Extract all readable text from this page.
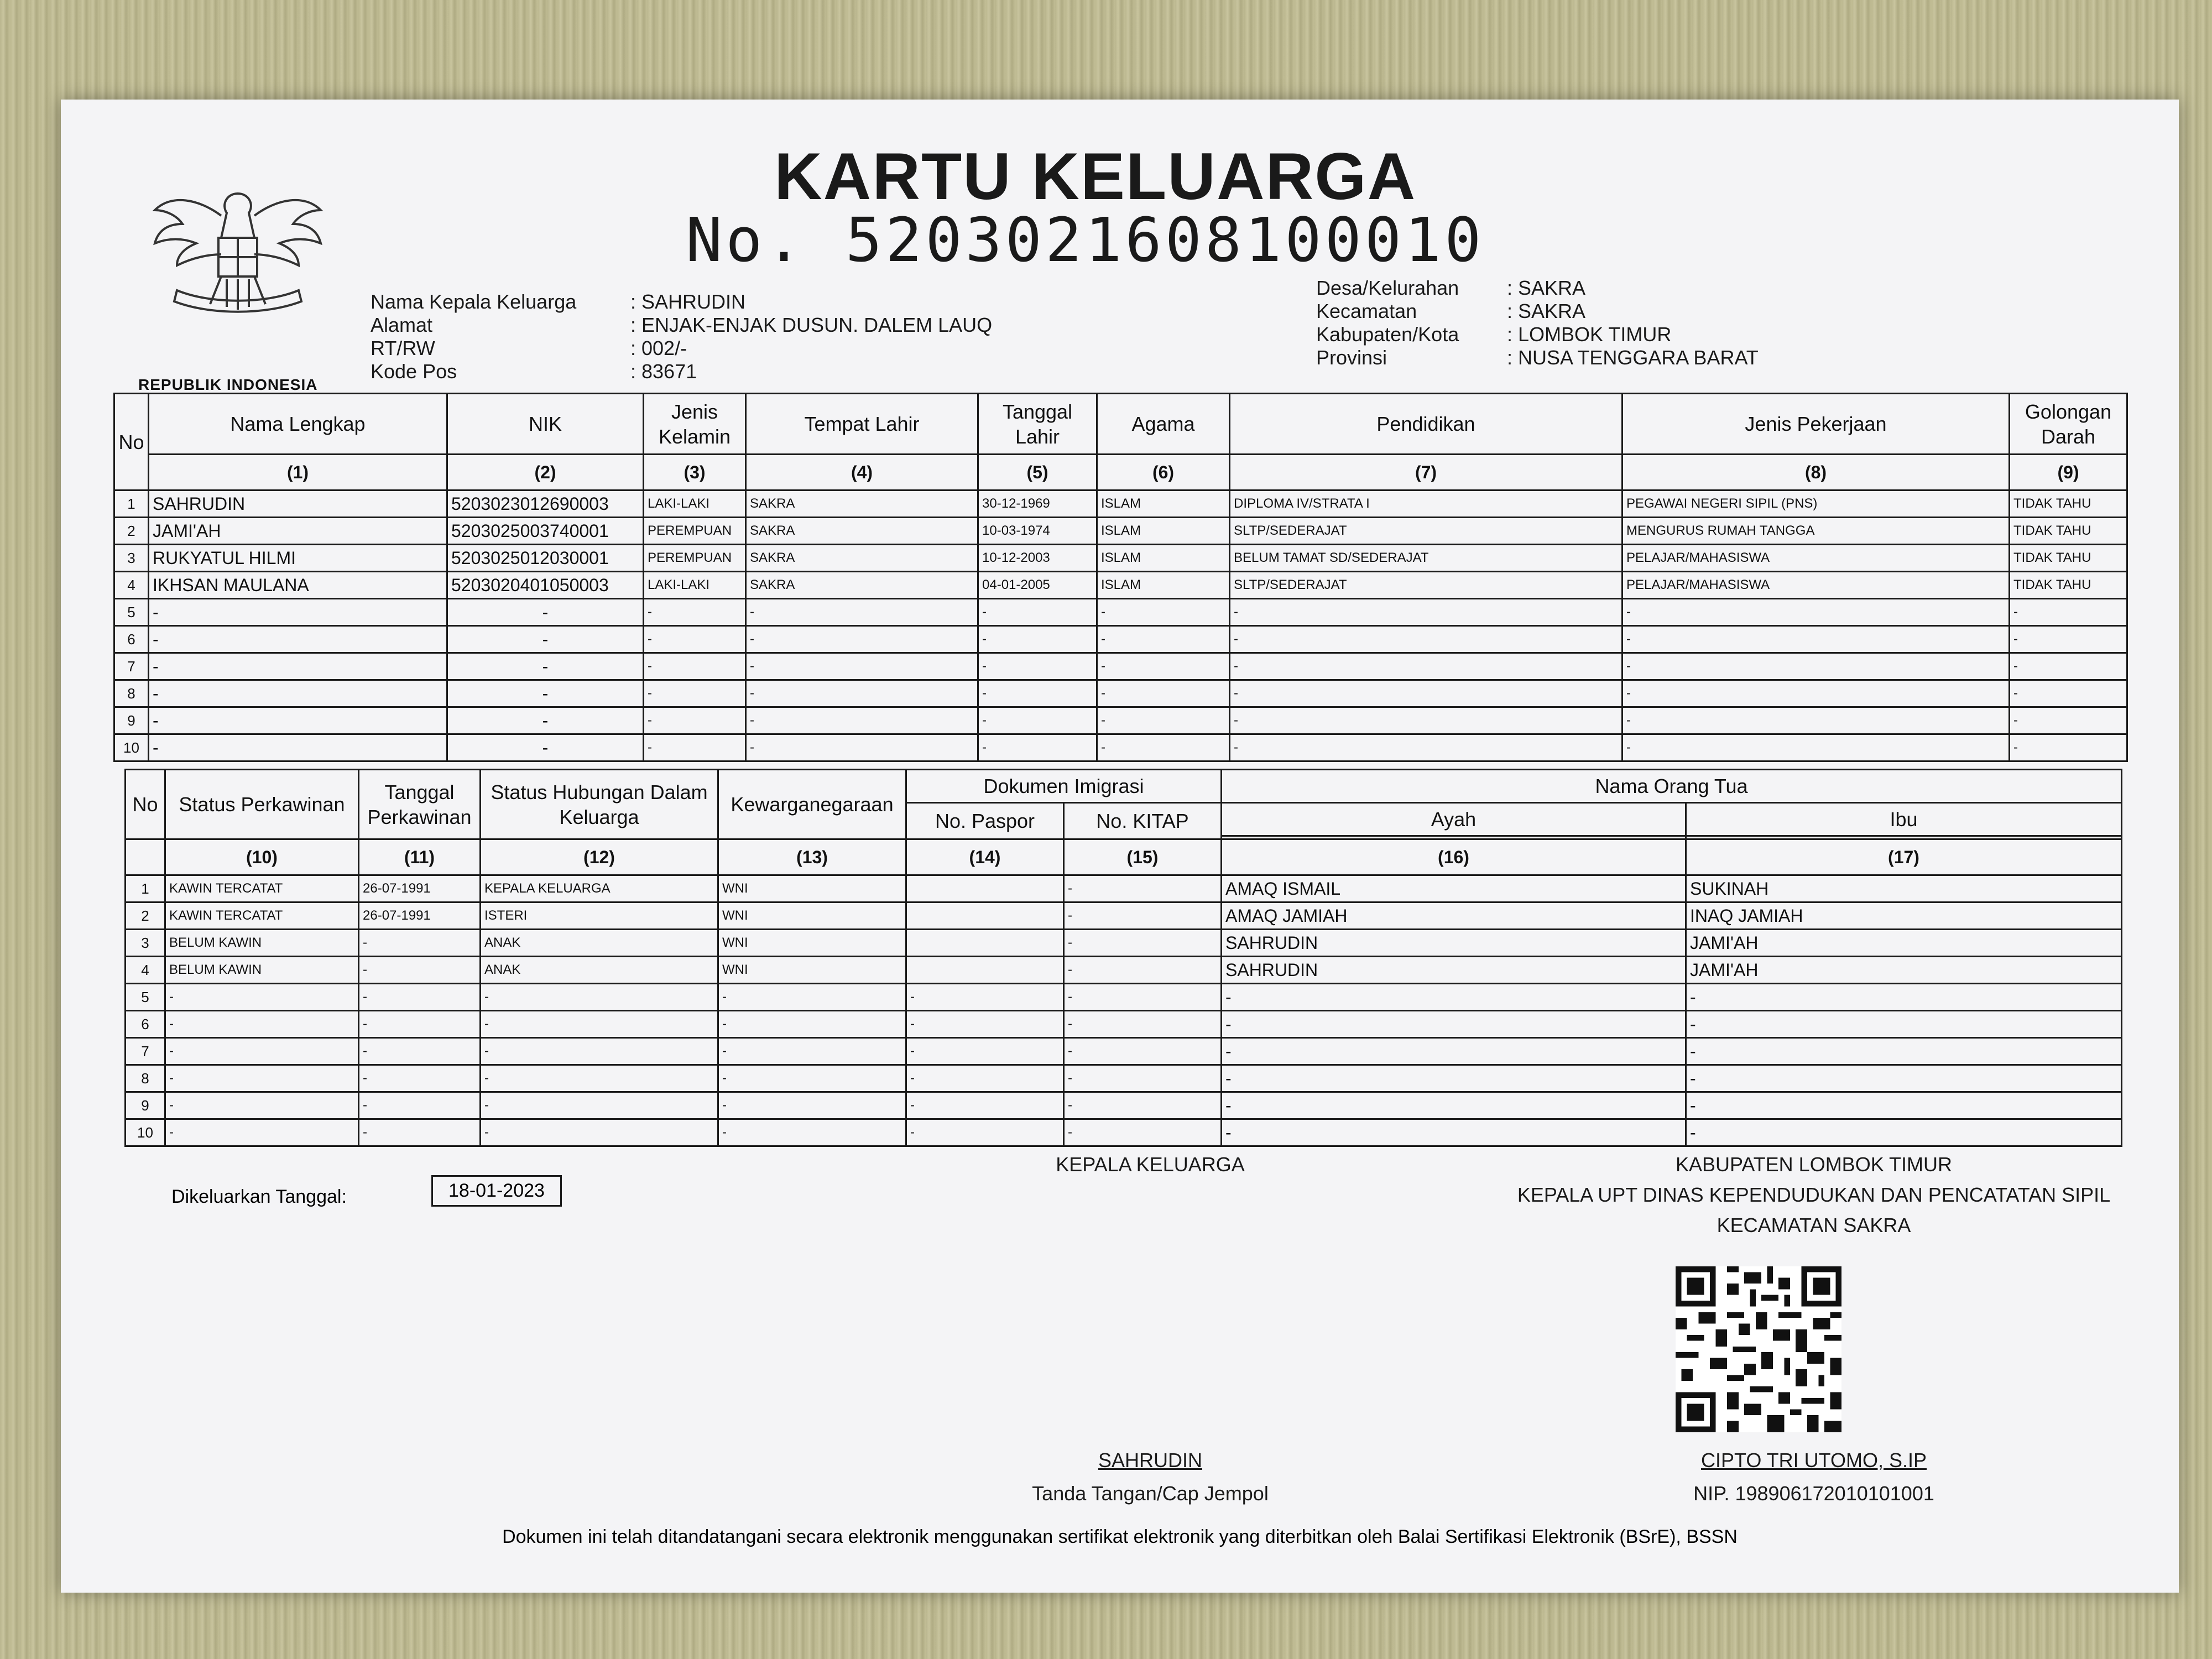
REPUBLIK INDONESIA
KARTU KELUARGA
No. 5203021608100010
Nama Kepala Keluarga	: SAHRUDIN
Alamat	: ENJAK-ENJAK DUSUN. DALEM LAUQ
RT/RW	: 002/-
Kode Pos	: 83671
Desa/Kelurahan : SAKRA
Kecamatan	: SAKRA
Kabupaten/Kota : LOMBOK TIMUR
Provinsi	: NUSA TENGGARA BARAT
No	Nama Lengkap	NIK	Jenis Kelamin	Tempat Lahir	Tanggal Lahir	Agama	Pendidikan	Jenis Pekerjaan	Golongan Darah
	(1)	(2)	(3)	(4)	(5)	(6)	(7)	(8)	(9)
1	SAHRUDIN	5203023012690003	LAKI-LAKI	SAKRA	30-12-1969	ISLAM	DIPLOMA IV/STRATA I	PEGAWAI NEGERI SIPIL (PNS)	TIDAK TAHU
2	JAMI'AH	5203025003740001	PEREMPUAN	SAKRA	10-03-1974	ISLAM	SLTP/SEDERAJAT	MENGURUS RUMAH TANGGA	TIDAK TAHU
3	RUKYATUL HILMI	5203025012030001	PEREMPUAN	SAKRA	10-12-2003	ISLAM	BELUM TAMAT SD/SEDERAJAT	PELAJAR/MAHASISWA	TIDAK TAHU
4	IKHSAN MAULANA	5203020401050003	LAKI-LAKI	SAKRA	04-01-2005	ISLAM	SLTP/SEDERAJAT	PELAJAR/MAHASISWA	TIDAK TAHU
5	-	-	-	-	-	-	-	-	-
6	-	-	-	-	-	-	-	-	-
7	-	-	-	-	-	-	-	-	-
8	-	-	-	-	-	-	-	-	-
9	-	-	-	-	-	-	-	-	-
10	-	-	-	-	-	-	-	-	-
No	Status Perkawinan	Tanggal Perkawinan	Status Hubungan Dalam Keluarga	Kewarganegaraan	Dokumen Imigrasi		Nama Orang Tua	
					No. Paspor	No. KITAP	Ayah	Ibu

	(10)	(11)	(12)	(13)	(14)	(15)	(16)	(17)
1	KAWIN TERCATAT	26-07-1991	KEPALA KELUARGA	WNI		-	AMAQ ISMAIL	SUKINAH
2	KAWIN TERCATAT	26-07-1991	ISTERI	WNI		-	AMAQ JAMIAH	INAQ JAMIAH
3	BELUM KAWIN	-	ANAK	WNI		-	SAHRUDIN	JAMI'AH
4	BELUM KAWIN	-	ANAK	WNI		-	SAHRUDIN	JAMI'AH
5	-	-	-	-	-	-	-	-
6	-	-	-	-	-	-	-	-
7	-	-	-	-	-	-	-	-
8	-	-	-	-	-	-	-	-
9	-	-	-	-	-	-	-	-
10	-	-	-	-	-	-	-	-
Dikeluarkan Tanggal:	18-01-2023
KEPALA KELUARGA
SAHRUDIN
Tanda Tangan/Cap Jempol
KABUPATEN LOMBOK TIMUR
KEPALA UPT DINAS KEPENDUDUKAN DAN PENCATATAN SIPIL
KECAMATAN SAKRA
CIPTO TRI UTOMO, S.IP
NIP. 198906172010101001
Dokumen ini telah ditandatangani secara elektronik menggunakan sertifikat elektronik yang diterbitkan oleh Balai Sertifikasi Elektronik (BSrE), BSSN
